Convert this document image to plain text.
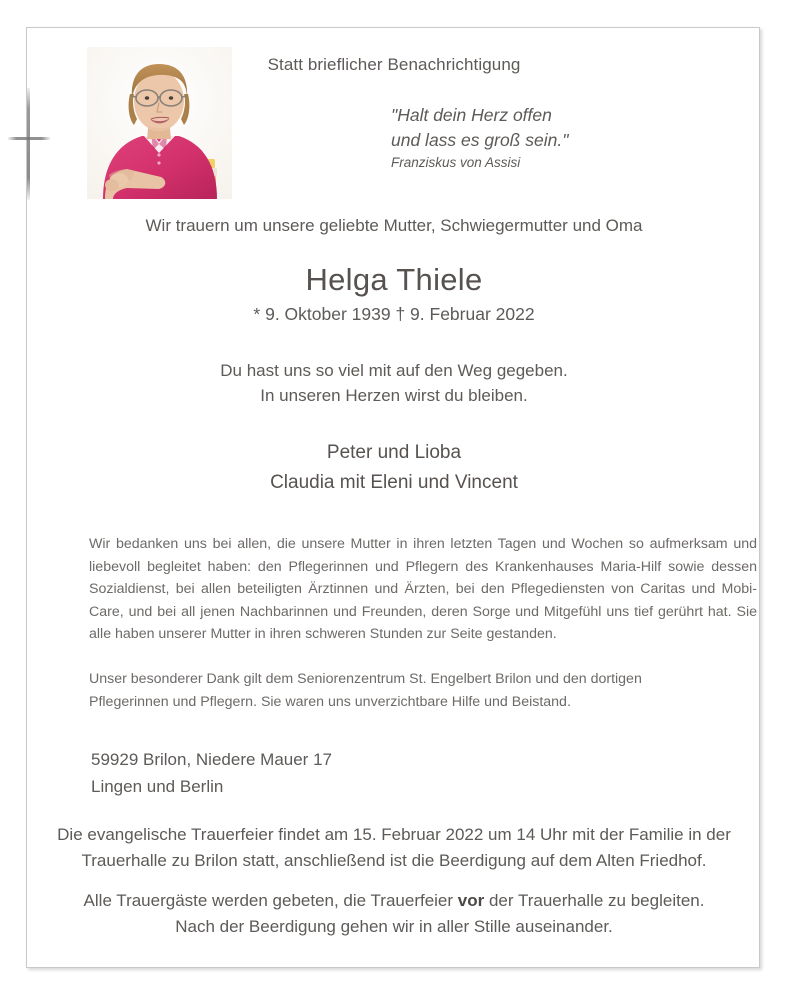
Statt brieflicher Benachrichtigung
"Halt dein Herz offen
und lass es groß sein."
Franziskus von Assisi
Wir trauern um unsere geliebte Mutter, Schwiegermutter und Oma
Helga Thiele
* 9. Oktober 1939 † 9. Februar 2022
Du hast uns so viel mit auf den Weg gegeben.
In unseren Herzen wirst du bleiben.
Peter und Lioba
Claudia mit Eleni und Vincent

Wir bedanken uns bei allen, die unsere Mutter in ihren letzten Tagen und Wochen so aufmerksam und liebevoll begleitet haben: den Pflegerinnen und Pflegern des Krankenhauses Maria-Hilf sowie dessen Sozialdienst, bei allen beteiligten Ärztinnen und Ärzten, bei den Pflegediensten von Caritas und Mobi-Care, und bei all jenen Nachbarinnen und Freunden, deren Sorge und Mitgefühl uns tief gerührt hat. Sie alle haben unserer Mutter in ihren schweren Stunden zur Seite gestanden.

Unser besonderer Dank gilt dem Seniorenzentrum St. Engelbert Brilon und den dortigen
Pflegerinnen und Pflegern. Sie waren uns unverzichtbare Hilfe und Beistand.

59929 Brilon, Niedere Mauer 17
Lingen und Berlin
Die evangelische Trauerfeier findet am 15. Februar 2022 um 14 Uhr mit der Familie in der Trauerhalle zu Brilon statt, anschließend ist die Beerdigung auf dem Alten Friedhof.
Alle Trauergäste werden gebeten, die Trauerfeier vor der Trauerhalle zu begleiten.
Nach der Beerdigung gehen wir in aller Stille auseinander.
